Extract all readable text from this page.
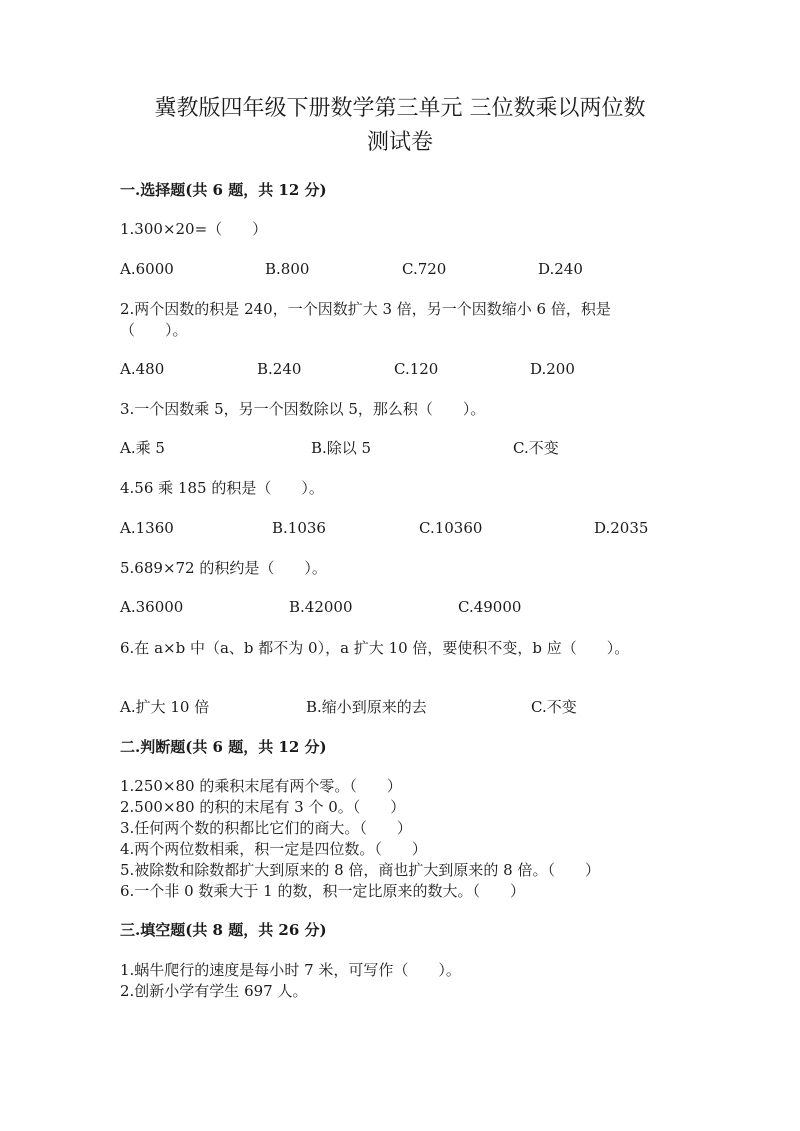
冀教版四年级下册数学第三单元 三位数乘以两位数
测试卷
一.选择题(共 6 题，共 12 分)
1.300×20=（　　）
A.6000	B.800	C.720	D.240
2.两个因数的积是 240，一个因数扩大 3 倍，另一个因数缩小 6 倍，积是
（　　）。
A.480	B.240	C.120	D.200
3.一个因数乘 5，另一个因数除以 5，那么积（　　）。
A.乘 5	B.除以 5	C.不变
4.56 乘 185 的积是（　　）。
A.1360	B.1036	C.10360	D.2035
5.689×72 的积约是（　　）。
A.36000	B.42000	C.49000
6.在 a×b 中（a、b 都不为 0），a 扩大 10 倍，要使积不变，b 应（　　）。
A.扩大 10 倍	B.缩小到原来的去	C.不变
二.判断题(共 6 题，共 12 分)
1.250×80 的乘积末尾有两个零。（　　）
2.500×80 的积的末尾有 3 个 0。（　　）
3.任何两个数的积都比它们的商大。（　　）
4.两个两位数相乘，积一定是四位数。（　　）
5.被除数和除数都扩大到原来的 8 倍，商也扩大到原来的 8 倍。（　　）
6.一个非 0 数乘大于 1 的数，积一定比原来的数大。（　　）
三.填空题(共 8 题，共 26 分)
1.蜗牛爬行的速度是每小时 7 米，可写作（　　）。
2.创新小学有学生 697 人。
